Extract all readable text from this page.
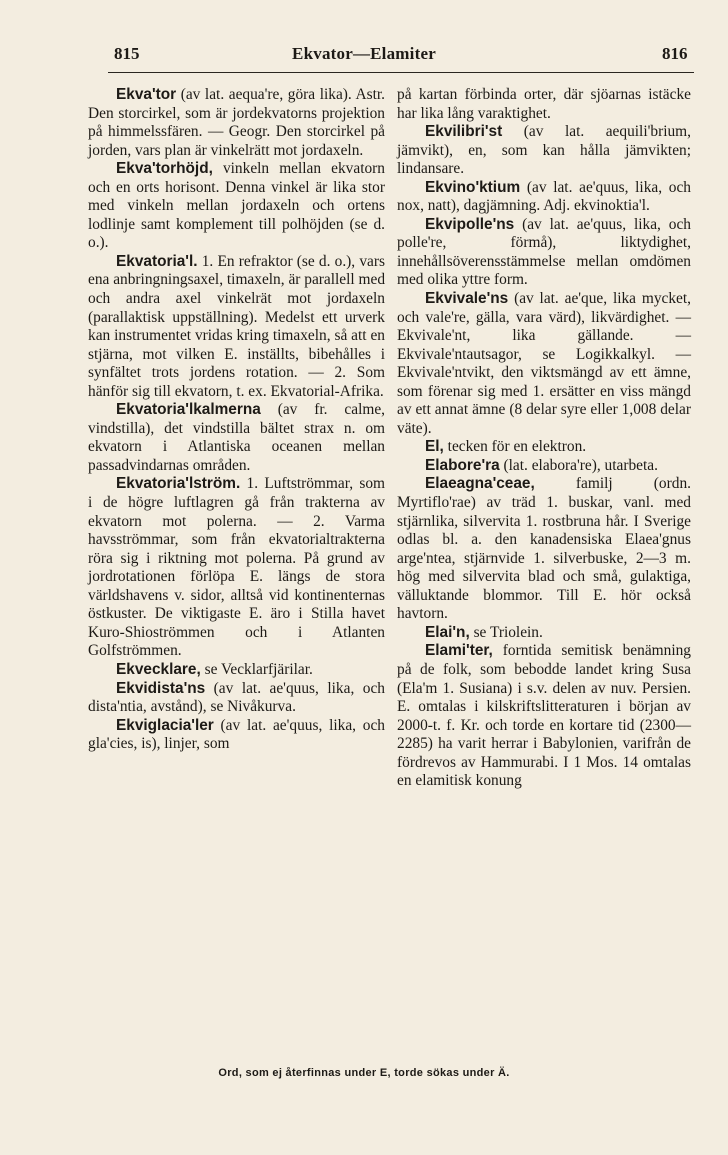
815	Ekvator—Elamiter	816
Ekva'tor (av lat. aequa're, göra lika). Astr. Den storcirkel, som är jordekvatorns projektion på himmelssfären. — Geogr. Den storcirkel på jorden, vars plan är vinkelrätt mot jordaxeln.
Ekva'torhöjd, vinkeln mellan ekvatorn och en orts horisont. Denna vinkel är lika stor med vinkeln mellan jordaxeln och ortens lodlinje samt komplement till polhöjden (se d. o.).
Ekvatoria'l. 1. En refraktor (se d. o.), vars ena anbringningsaxel, timaxeln, är parallell med och andra axel vinkelrät mot jordaxeln (parallaktisk uppställning). Medelst ett urverk kan instrumentet vridas kring timaxeln, så att en stjärna, mot vilken E. inställts, bibehålles i synfältet trots jordens rotation. — 2. Som hänför sig till ekvatorn, t. ex. Ekvatorial-Afrika.
Ekvatoria'lkalmerna (av fr. calme, vindstilla), det vindstilla bältet strax n. om ekvatorn i Atlantiska oceanen mellan passadvindarnas områden.
Ekvatoria'lström. 1. Luftströmmar, som i de högre luftlagren gå från trakterna av ekvatorn mot polerna. — 2. Varma havsströmmar, som från ekvatorialtrakterna röra sig i riktning mot polerna. På grund av jordrotationen förlöpa E. längs de stora världshavens v. sidor, alltså vid kontinenternas östkuster. De viktigaste E. äro i Stilla havet Kuro-Shioströmmen och i Atlanten Golfströmmen.
Ekvecklare, se Vecklarfjärilar.
Ekvidista'ns (av lat. ae'quus, lika, och dista'ntia, avstånd), se Nivåkurva.
Ekviglacia'ler (av lat. ae'quus, lika, och gla'cies, is), linjer, som
på kartan förbinda orter, där sjöarnas istäcke har lika lång varaktighet.
Ekvilibri'st (av lat. aequili'brium, jämvikt), en, som kan hålla jämvikten; lindansare.
Ekvino'ktium (av lat. ae'quus, lika, och nox, natt), dagjämning. Adj. ekvinoktia'l.
Ekvipolle'ns (av lat. ae'quus, lika, och polle're, förmå), liktydighet, innehållsöverensstämmelse mellan omdömen med olika yttre form.
Ekvivale'ns (av lat. ae'que, lika mycket, och vale're, gälla, vara värd), likvärdighet. — Ekvivale'nt, lika gällande. — Ekvivale'ntautsagor, se Logikkalkyl. — Ekvivale'ntvikt, den viktsmängd av ett ämne, som förenar sig med 1. ersätter en viss mängd av ett annat ämne (8 delar syre eller 1,008 delar väte).
El, tecken för en elektron.
Elabore'ra (lat. elabora're), utarbeta.
Elaeagna'ceae, familj (ordn. Myrtiflo'rae) av träd 1. buskar, vanl. med stjärnlika, silvervita 1. rostbruna hår. I Sverige odlas bl. a. den kanadensiska Elaea'gnus arge'ntea, stjärnvide 1. silverbuske, 2—3 m. hög med silvervita blad och små, gulaktiga, välluktande blommor. Till E. hör också havtorn.
Elai'n, se Triolein.
Elami'ter, forntida semitisk benämning på de folk, som bebodde landet kring Susa (Ela'm 1. Susiana) i s.v. delen av nuv. Persien. E. omtalas i kilskriftslitteraturen i början av 2000-t. f. Kr. och torde en kortare tid (2300—2285) ha varit herrar i Babylonien, varifrån de fördrevos av Hammurabi. I 1 Mos. 14 omtalas en elamitisk konung
Ord, som ej återfinnas under E, torde sökas under Ä.
